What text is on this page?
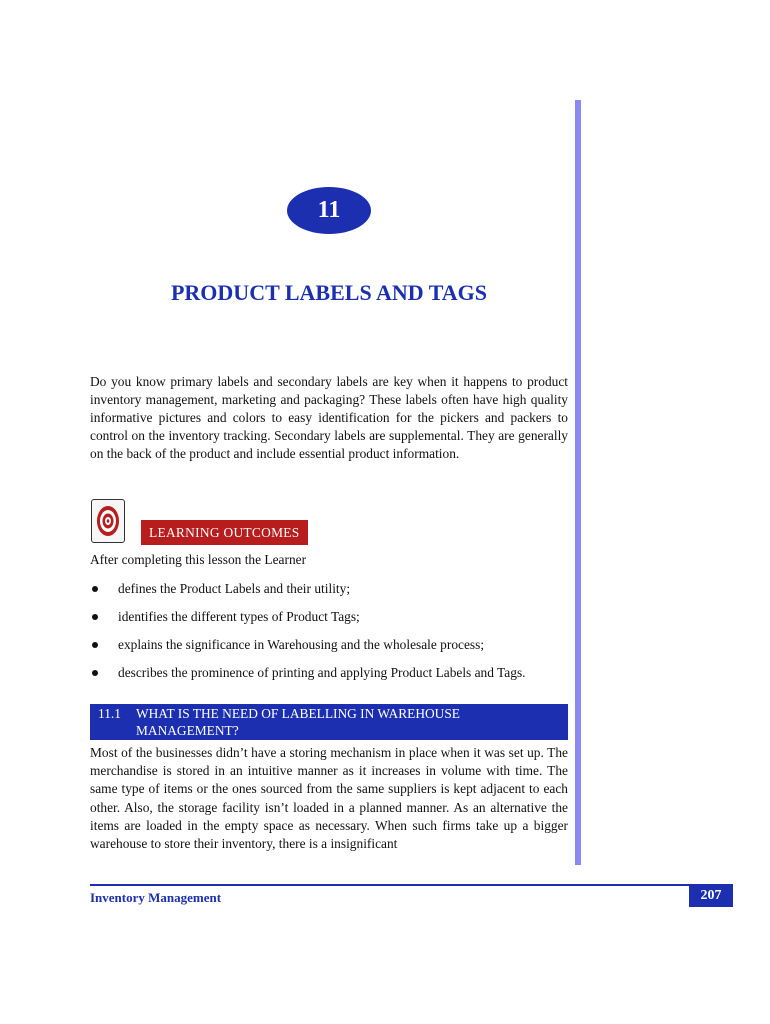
11
PRODUCT LABELS AND TAGS
Do you know primary labels and secondary labels are key when it happens to product inventory management, marketing and packaging? These labels often have high quality informative pictures and colors to easy identification for the pickers and packers to control on the inventory tracking. Secondary labels are supplemental. They are generally on the back of the product and include essential product information.
LEARNING OUTCOMES
After completing this lesson the Learner
defines the Product Labels and their utility;
identifies the different types of Product Tags;
explains the significance in Warehousing and the wholesale process;
describes the prominence of printing and applying Product Labels and Tags.
11.1 WHAT IS THE NEED OF LABELLING IN WAREHOUSE
MANAGEMENT?
Most of the businesses didn’t have a storing mechanism in place when it was set up. The merchandise is stored in an intuitive manner as it increases in volume with time. The same type of items or the ones sourced from the same suppliers is kept adjacent to each other. Also, the storage facility isn’t loaded in a planned manner. As an alternative the items are loaded in the empty space as necessary. When such firms take up a bigger warehouse to store their inventory, there is a insignificant
Inventory Management	207
